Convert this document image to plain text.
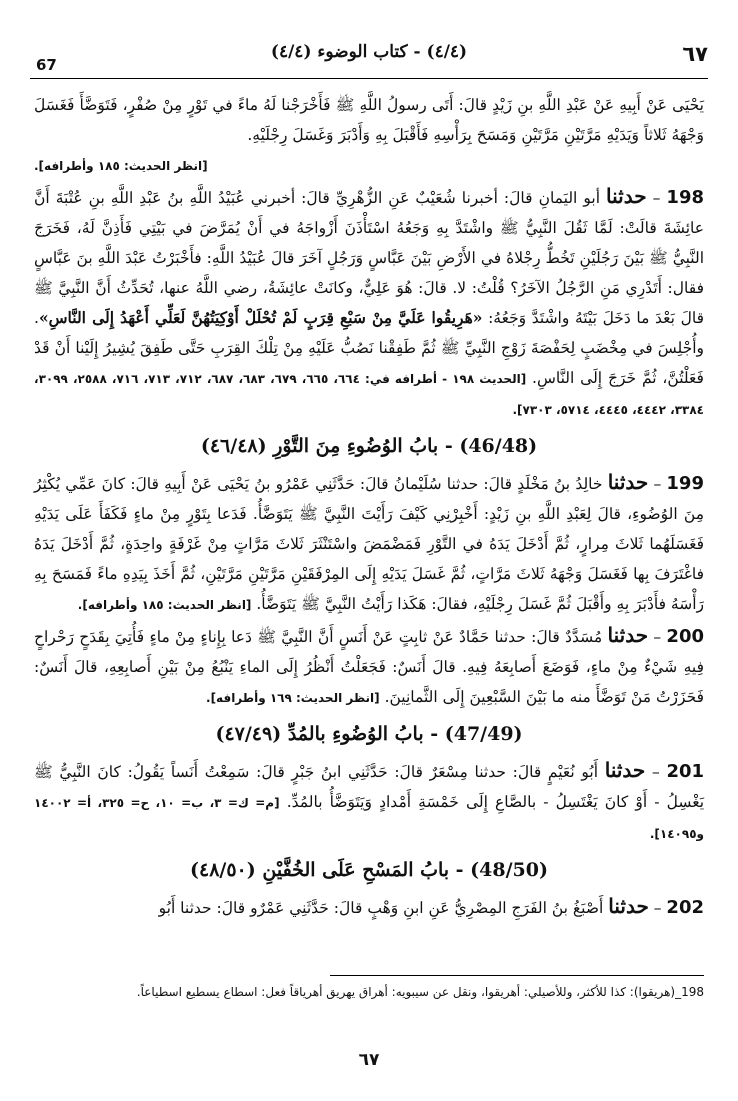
67
(٤/٤) - كتاب الوضوء (٤/٤)	٦٧

يَحْيَى عَنْ أَبِيهِ عَنْ عَبْدِ اللَّهِ بنِ زَيْدٍ قالَ: أَتَى رسولُ اللَّهِ ﷺ فَأَخْرَجْنا لَهُ ماءً في تَوْرٍ مِنْ صُفْرٍ، فَتَوَضَّأَ فَغَسَلَ وَجْهَهُ ثَلاثاً وَيَدَيْهِ مَرَّتَيْنِ مَرَّتَيْنِ وَمَسَحَ بِرَأْسِهِ فَأَقْبَلَ بِهِ وَأَدْبَرَ وَغَسَلَ رِجْلَيْهِ.

[انظر الحديث: ١٨٥ وأطرافه].

198 – حدثنا أبو اليَمانِ قالَ: أخبرنا شُعَيْبٌ عَنِ الزُّهْرِيِّ قالَ: أخبرني عُبَيْدُ اللَّهِ بنُ عَبْدِ اللَّهِ بنِ عُتْبَةَ أَنَّ عائِشَةَ قالَتْ: لَمَّا ثَقُلَ النَّبِيُّ ﷺ واشْتَدَّ بِهِ وَجَعُهُ اسْتَأْذَنَ أَزْواجَهُ في أَنْ يُمَرَّضَ في بَيْتِي فَأَذِنَّ لَهُ، فَخَرَجَ النَّبِيُّ ﷺ بَيْنَ رَجُلَيْنِ تَخُطُّ رِجْلاهُ في الأَرْضِ بَيْنَ عَبَّاسٍ وَرَجُلٍ آخَرَ قالَ عُبَيْدُ اللَّهِ: فأَخْبَرْتُ عَبْدَ اللَّهِ بنَ عَبَّاسٍ فقال: أَتَدْرِي مَنِ الرَّجُلُ الآخَرُ؟ قُلْتُ: لا. قالَ: هُوَ عَلِيٌّ، وكانَتْ عائِشَةُ، رضي اللَّهُ عنها، تُحَدِّثُ أَنَّ النَّبِيَّ ﷺ قالَ بَعْدَ ما دَخَلَ بَيْتَهُ واشْتَدَّ وَجَعُهُ: «هَرِيقُوا عَلَيَّ مِنْ سَبْعِ قِرَبٍ لَمْ تُحْلَلْ أَوْكِيَتُهُنَّ لَعَلِّي أَعْهَدُ إِلَى النَّاسِ». وأُجْلِسَ في مِخْضَبٍ لِحَفْصَةَ زَوْجِ النَّبِيِّ ﷺ ثُمَّ طَفِقْنا نَصُبُّ عَلَيْهِ مِنْ تِلْكَ القِرَبِ حَتَّى طَفِقَ يُشِيرُ إِلَيْنا أَنْ قَدْ فَعَلْتُنَّ، ثُمَّ خَرَجَ إِلَى النَّاسِ. [الحديث ١٩٨ - أطرافه في: ٦٦٤، ٦٦٥، ٦٧٩، ٦٨٣، ٦٨٧، ٧١٢، ٧١٣، ٧١٦، ٢٥٨٨، ٣٠٩٩، ٣٣٨٤، ٤٤٤٢، ٤٤٤٥، ٥٧١٤، ٧٣٠٣].

(46/48) - بابُ الوُضُوءِ مِنَ التَّوْرِ (٤٦/٤٨)

199 – حدثنا خالِدُ بنُ مَخْلَدٍ قالَ: حدثنا سُلَيْمانُ قالَ: حَدَّثَنِي عَمْرُو بنُ يَحْيَى عَنْ أَبِيهِ قالَ: كانَ عَمِّي يُكْثِرُ مِنَ الوُضُوءِ، قالَ لِعَبْدِ اللَّهِ بنِ زَيْدٍ: أَخْبِرْنِي كَيْفَ رَأَيْتَ النَّبِيَّ ﷺ يَتَوَضَّأُ. فَدَعا بِتَوْرٍ مِنْ ماءٍ فَكَفَأَ عَلَى يَدَيْهِ فَغَسَلَهُما ثَلاثَ مِرارٍ، ثُمَّ أَدْخَلَ يَدَهُ في التَّوْرِ فَمَضْمَضَ واسْتَنْثَرَ ثَلاثَ مَرَّاتٍ مِنْ غَرْفَةٍ واحِدَةٍ، ثُمَّ أَدْخَلَ يَدَهُ فاغْتَرَفَ بِها فَغَسَلَ وَجْهَهُ ثَلاثَ مَرَّاتٍ، ثُمَّ غَسَلَ يَدَيْهِ إِلَى المِرْفَقَيْنِ مَرَّتَيْنِ مَرَّتَيْنِ، ثُمَّ أَخَذَ بِيَدِهِ ماءً فَمَسَحَ بِهِ رَأْسَهُ فأَدْبَرَ بِهِ وأَقْبَلَ ثُمَّ غَسَلَ رِجْلَيْهِ، فقالَ: هَكَذا رَأَيْتُ النَّبِيَّ ﷺ يَتَوَضَّأُ. [انظر الحديث: ١٨٥ وأطرافه].

200 – حدثنا مُسَدَّدٌ قالَ: حدثنا حَمَّادٌ عَنْ ثابِتٍ عَنْ أَنَسٍ أَنَّ النَّبِيَّ ﷺ دَعا بِإِناءٍ مِنْ ماءٍ فَأُتِيَ بِقَدَحٍ رَحْراحٍ فِيهِ شَيْءٌ مِنْ ماءٍ، فَوَضَعَ أَصابِعَهُ فِيهِ. قالَ أَنَسٌ: فَجَعَلْتُ أَنْظُرُ إِلَى الماءِ يَنْبُعُ مِنْ بَيْنِ أَصابِعِهِ، قالَ أَنَسٌ: فَحَزَرْتُ مَنْ تَوَضَّأَ منه ما بَيْنَ السَّبْعِينَ إِلَى الثَّمانِينَ. [انظر الحديث: ١٦٩ وأطرافه].

(47/49) - بابُ الوُضُوءِ بالمُدِّ (٤٧/٤٩)

201 – حدثنا أَبُو نُعَيْمٍ قالَ: حدثنا مِسْعَرٌ قالَ: حَدَّثَنِي ابنُ جَبْرٍ قالَ: سَمِعْتُ أَنَساً يَقُولُ: كانَ النَّبِيُّ ﷺ يَغْسِلُ - أَوْ كانَ يَغْتَسِلُ - بالصَّاعِ إِلَى خَمْسَةِ أَمْدادٍ وَيَتَوَضَّأُ بالمُدِّ. [م= ك= ٣، ب= ١٠، ح= ٣٢٥، أ= ١٤٠٠٢ و١٤٠٩٥].

(48/50) - بابُ المَسْحِ عَلَى الخُفَّيْنِ (٤٨/٥٠)

202 – حدثنا أَصْبَغُ بنُ الفَرَجِ المِصْرِيُّ عَنِ ابنِ وَهْبٍ قالَ: حَدَّثَنِي عَمْرٌو قالَ: حدثنا أَبُو

198_(هريقوا): كذا للأكثر، وللأصيلي: أهريقوا، ونقل عن سيبويه: أهراق يهريق أهرياقاً فعل: اسطاع يسطيع اسطياعاً.
٦٧
